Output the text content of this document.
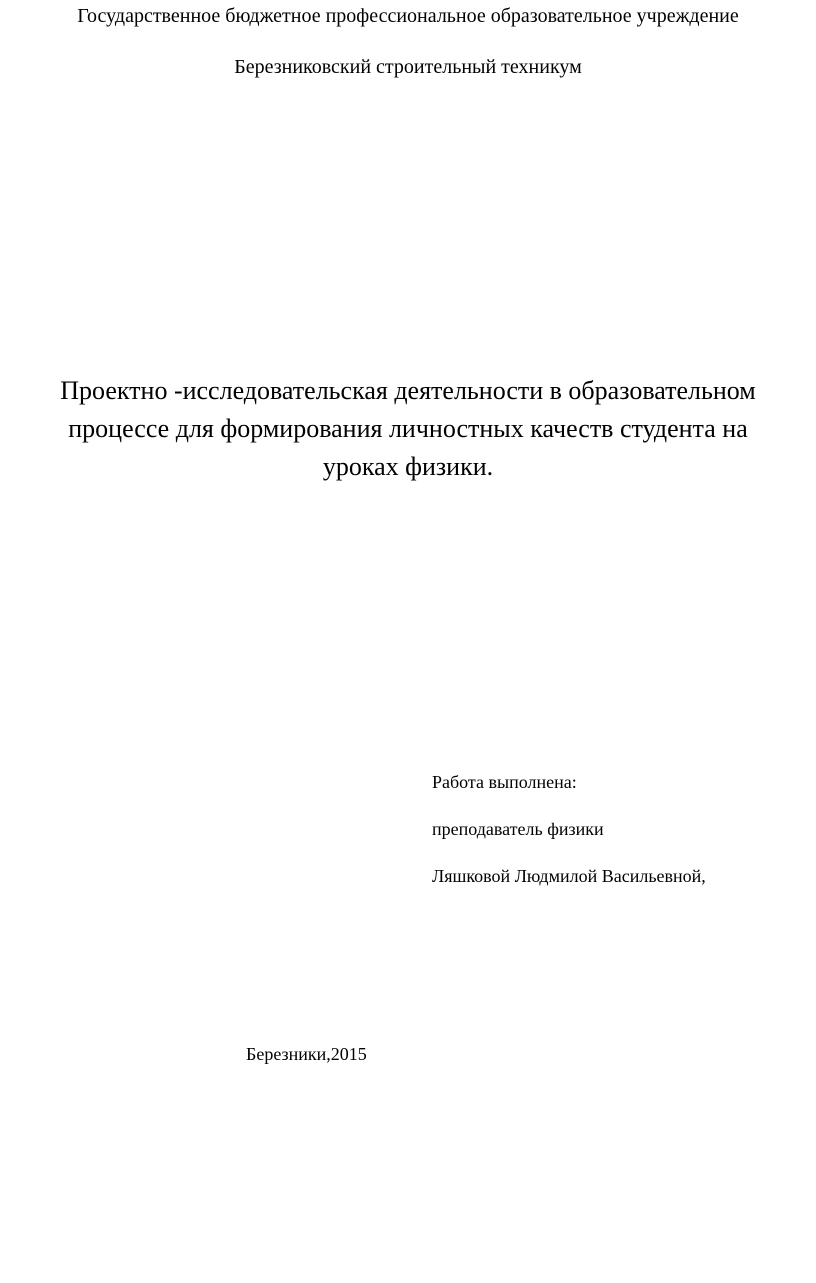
Государственное бюджетное профессиональное образовательное учреждение
Березниковский строительный техникум
Проектно -исследовательская деятельности в образовательном
процессе для формирования личностных качеств студента на
уроках физики.
Работа выполнена:
преподаватель физики
Ляшковой Людмилой Васильевной,
Березники,2015
